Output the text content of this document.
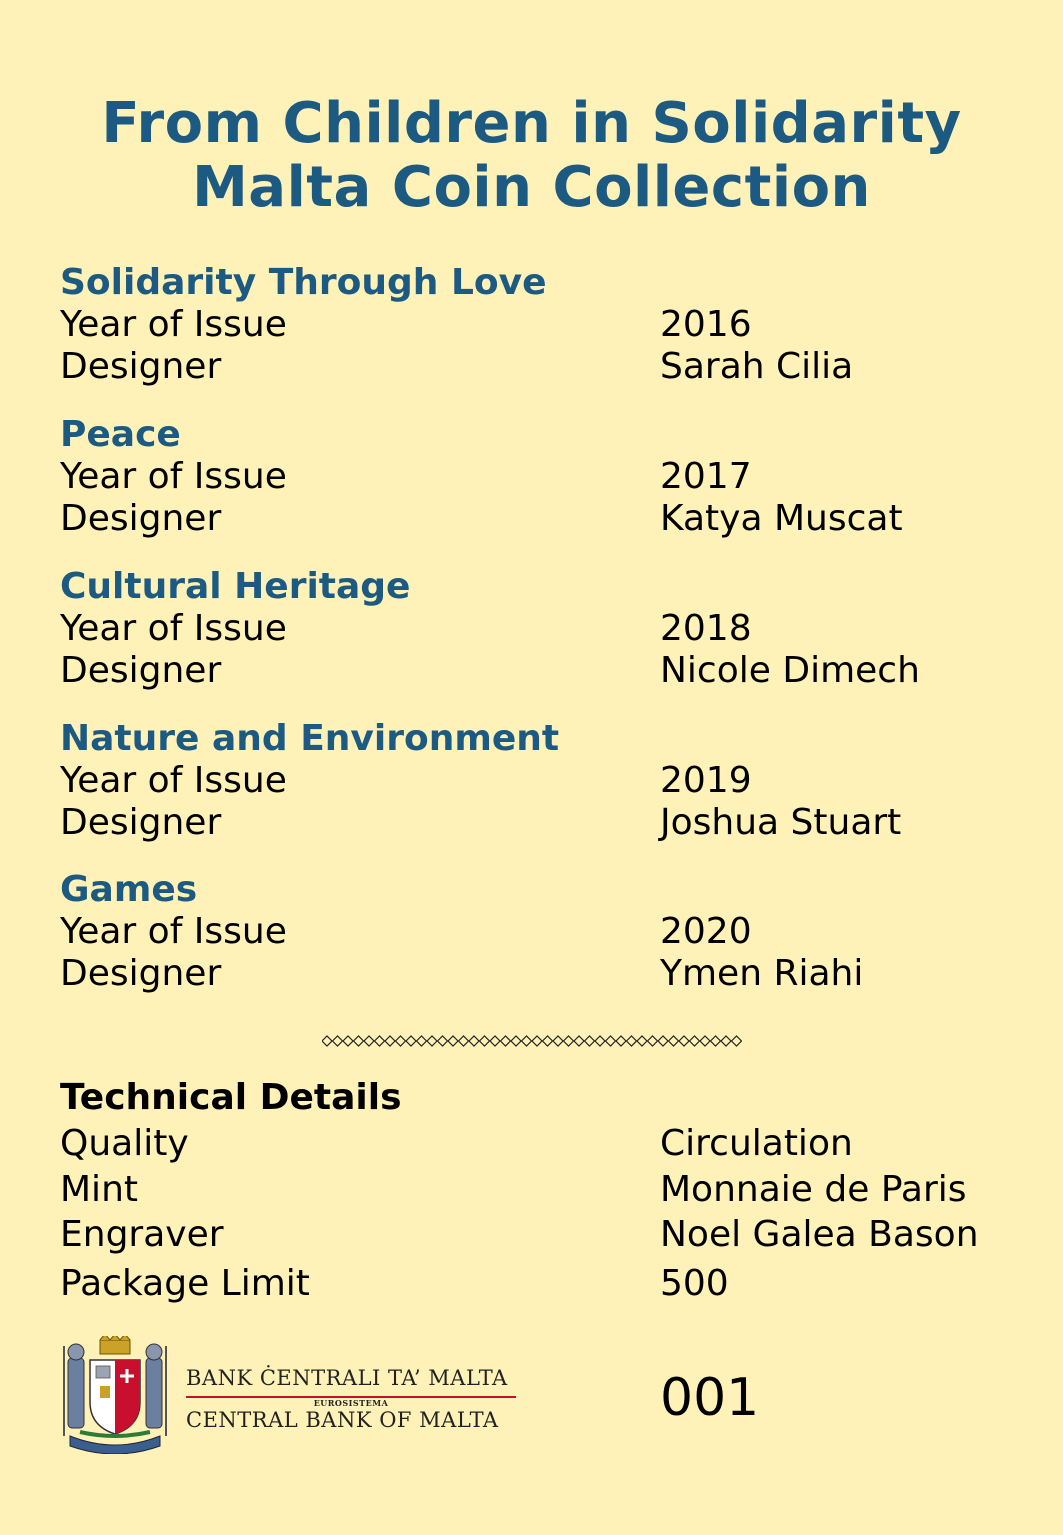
From Children in Solidarity
Malta Coin Collection
Solidarity Through Love
Year of Issue	2016
Designer	Sarah Cilia
Peace
Year of Issue	2017
Designer	Katya Muscat
Cultural Heritage
Year of Issue	2018
Designer	Nicole Dimech
Nature and Environment
Year of Issue	2019
Designer	Joshua Stuart
Games
Year of Issue	2020
Designer	Ymen Riahi
Technical Details
Quality	Circulation
Mint	Monnaie de Paris
Engraver	Noel Galea Bason
Package Limit	500
BANK ĊENTRALI TA’ MALTA
EUROSISTEMA
CENTRAL BANK OF MALTA	001
